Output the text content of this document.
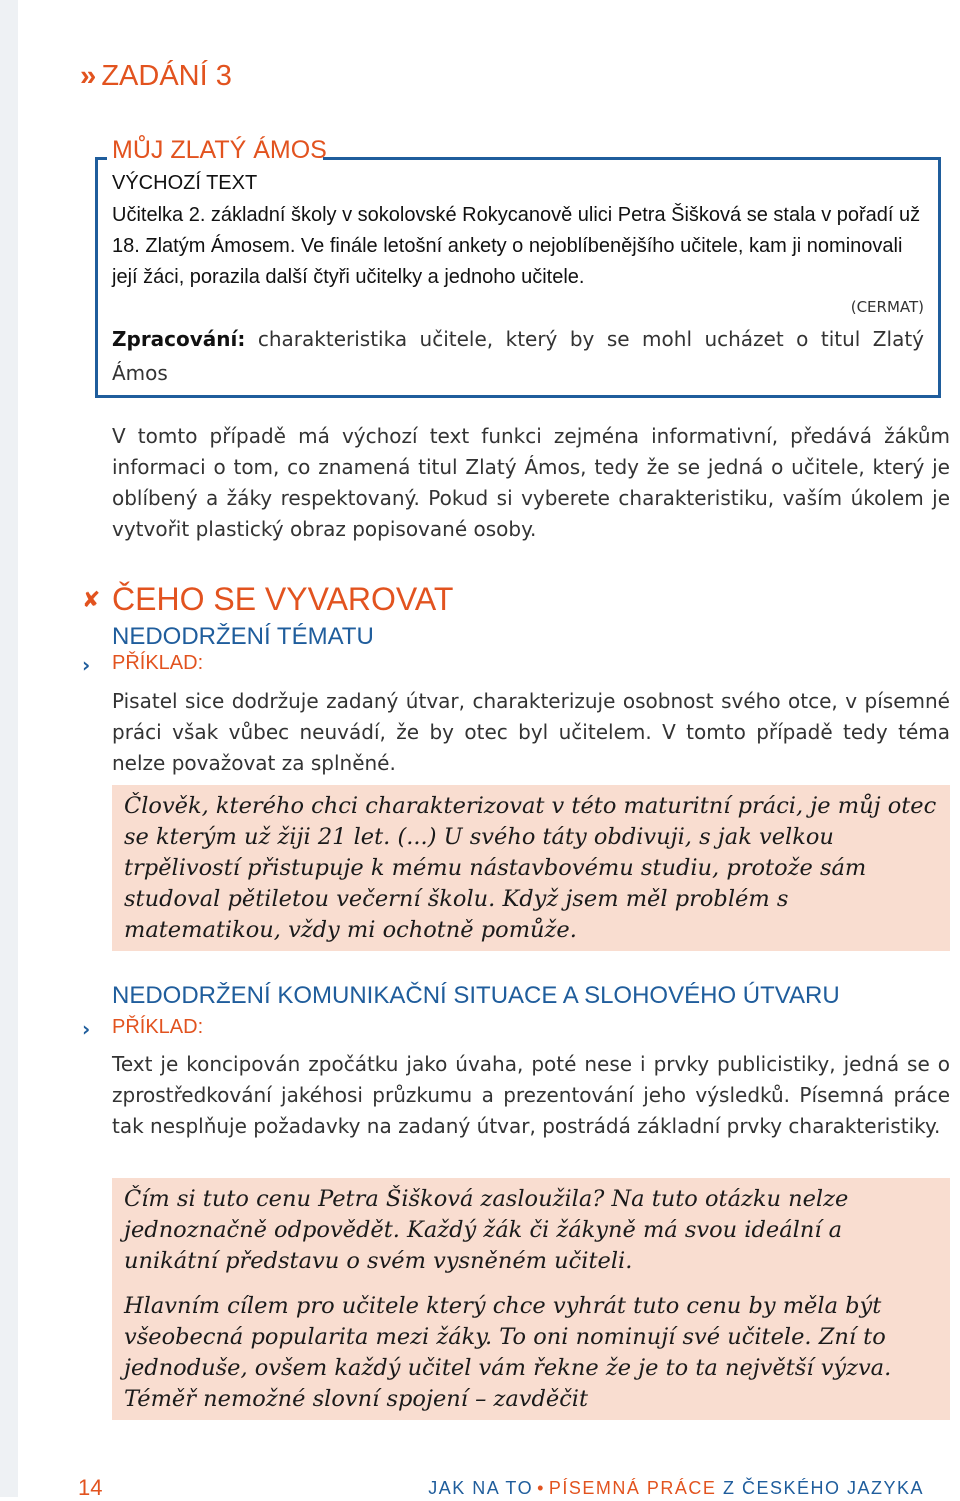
›› ZADÁNÍ 3
MŮJ ZLATÝ ÁMOS
VÝCHOZÍ TEXT
Učitelka 2. základní školy v sokolovské Rokycanově ulici Petra Šišková se stala v pořadí už 18. Zlatým Ámosem. Ve finále letošní ankety o nejoblíbenějšího učitele, kam ji nominovali její žáci, porazila další čtyři učitelky a jednoho učitele.
(CERMAT)
Zpracování: charakteristika učitele, který by se mohl ucházet o titul Zlatý Ámos
V tomto případě má výchozí text funkci zejména informativní, předává žákům informaci o tom, co znamená titul Zlatý Ámos, tedy že se jedná o učitele, který je oblíbený a žáky respektovaný. Pokud si vyberete charakteristiku, vaším úkolem je vytvořit plastický obraz popisované osoby.
✘ ČEHO SE VYVAROVAT
NEDODRŽENÍ TÉMATU
› PŘÍKLAD:
Pisatel sice dodržuje zadaný útvar, charakterizuje osobnost svého otce, v písemné práci však vůbec neuvádí, že by otec byl učitelem. V tomto případě tedy téma nelze považovat za splněné.
Člověk, kterého chci charakterizovat v této maturitní práci, je můj otec se kterým už žiji 21 let. (...) U svého táty obdivuji, s jak velkou trpělivostí přistupuje k mému nástavbovému studiu, protože sám studoval pětiletou večerní školu. Když jsem měl problém s matematikou, vždy mi ochotně pomůže.
NEDODRŽENÍ KOMUNIKAČNÍ SITUACE A SLOHOVÉHO ÚTVARU
› PŘÍKLAD:
Text je koncipován zpočátku jako úvaha, poté nese i prvky publicistiky, jedná se o zprostředkování jakéhosi průzkumu a prezentování jeho výsledků. Písemná práce tak nesplňuje požadavky na zadaný útvar, postrádá základní prvky charakteristiky.

Čím si tuto cenu Petra Šišková zasloužila? Na tuto otázku nelze jednoznačně odpovědět. Každý žák či žákyně má svou ideální a unikátní představu o svém vysněném učiteli.

Hlavním cílem pro učitele který chce vyhrát tuto cenu by měla být všeobecná popularita mezi žáky. To oni nominují své učitele. Zní to jednoduše, ovšem každý učitel vám řekne že je to ta největší výzva. Téměř nemožné slovní spojení – zavděčit

14	JAK NA TO • PÍSEMNÁ PRÁCE Z ČESKÉHO JAZYKA
